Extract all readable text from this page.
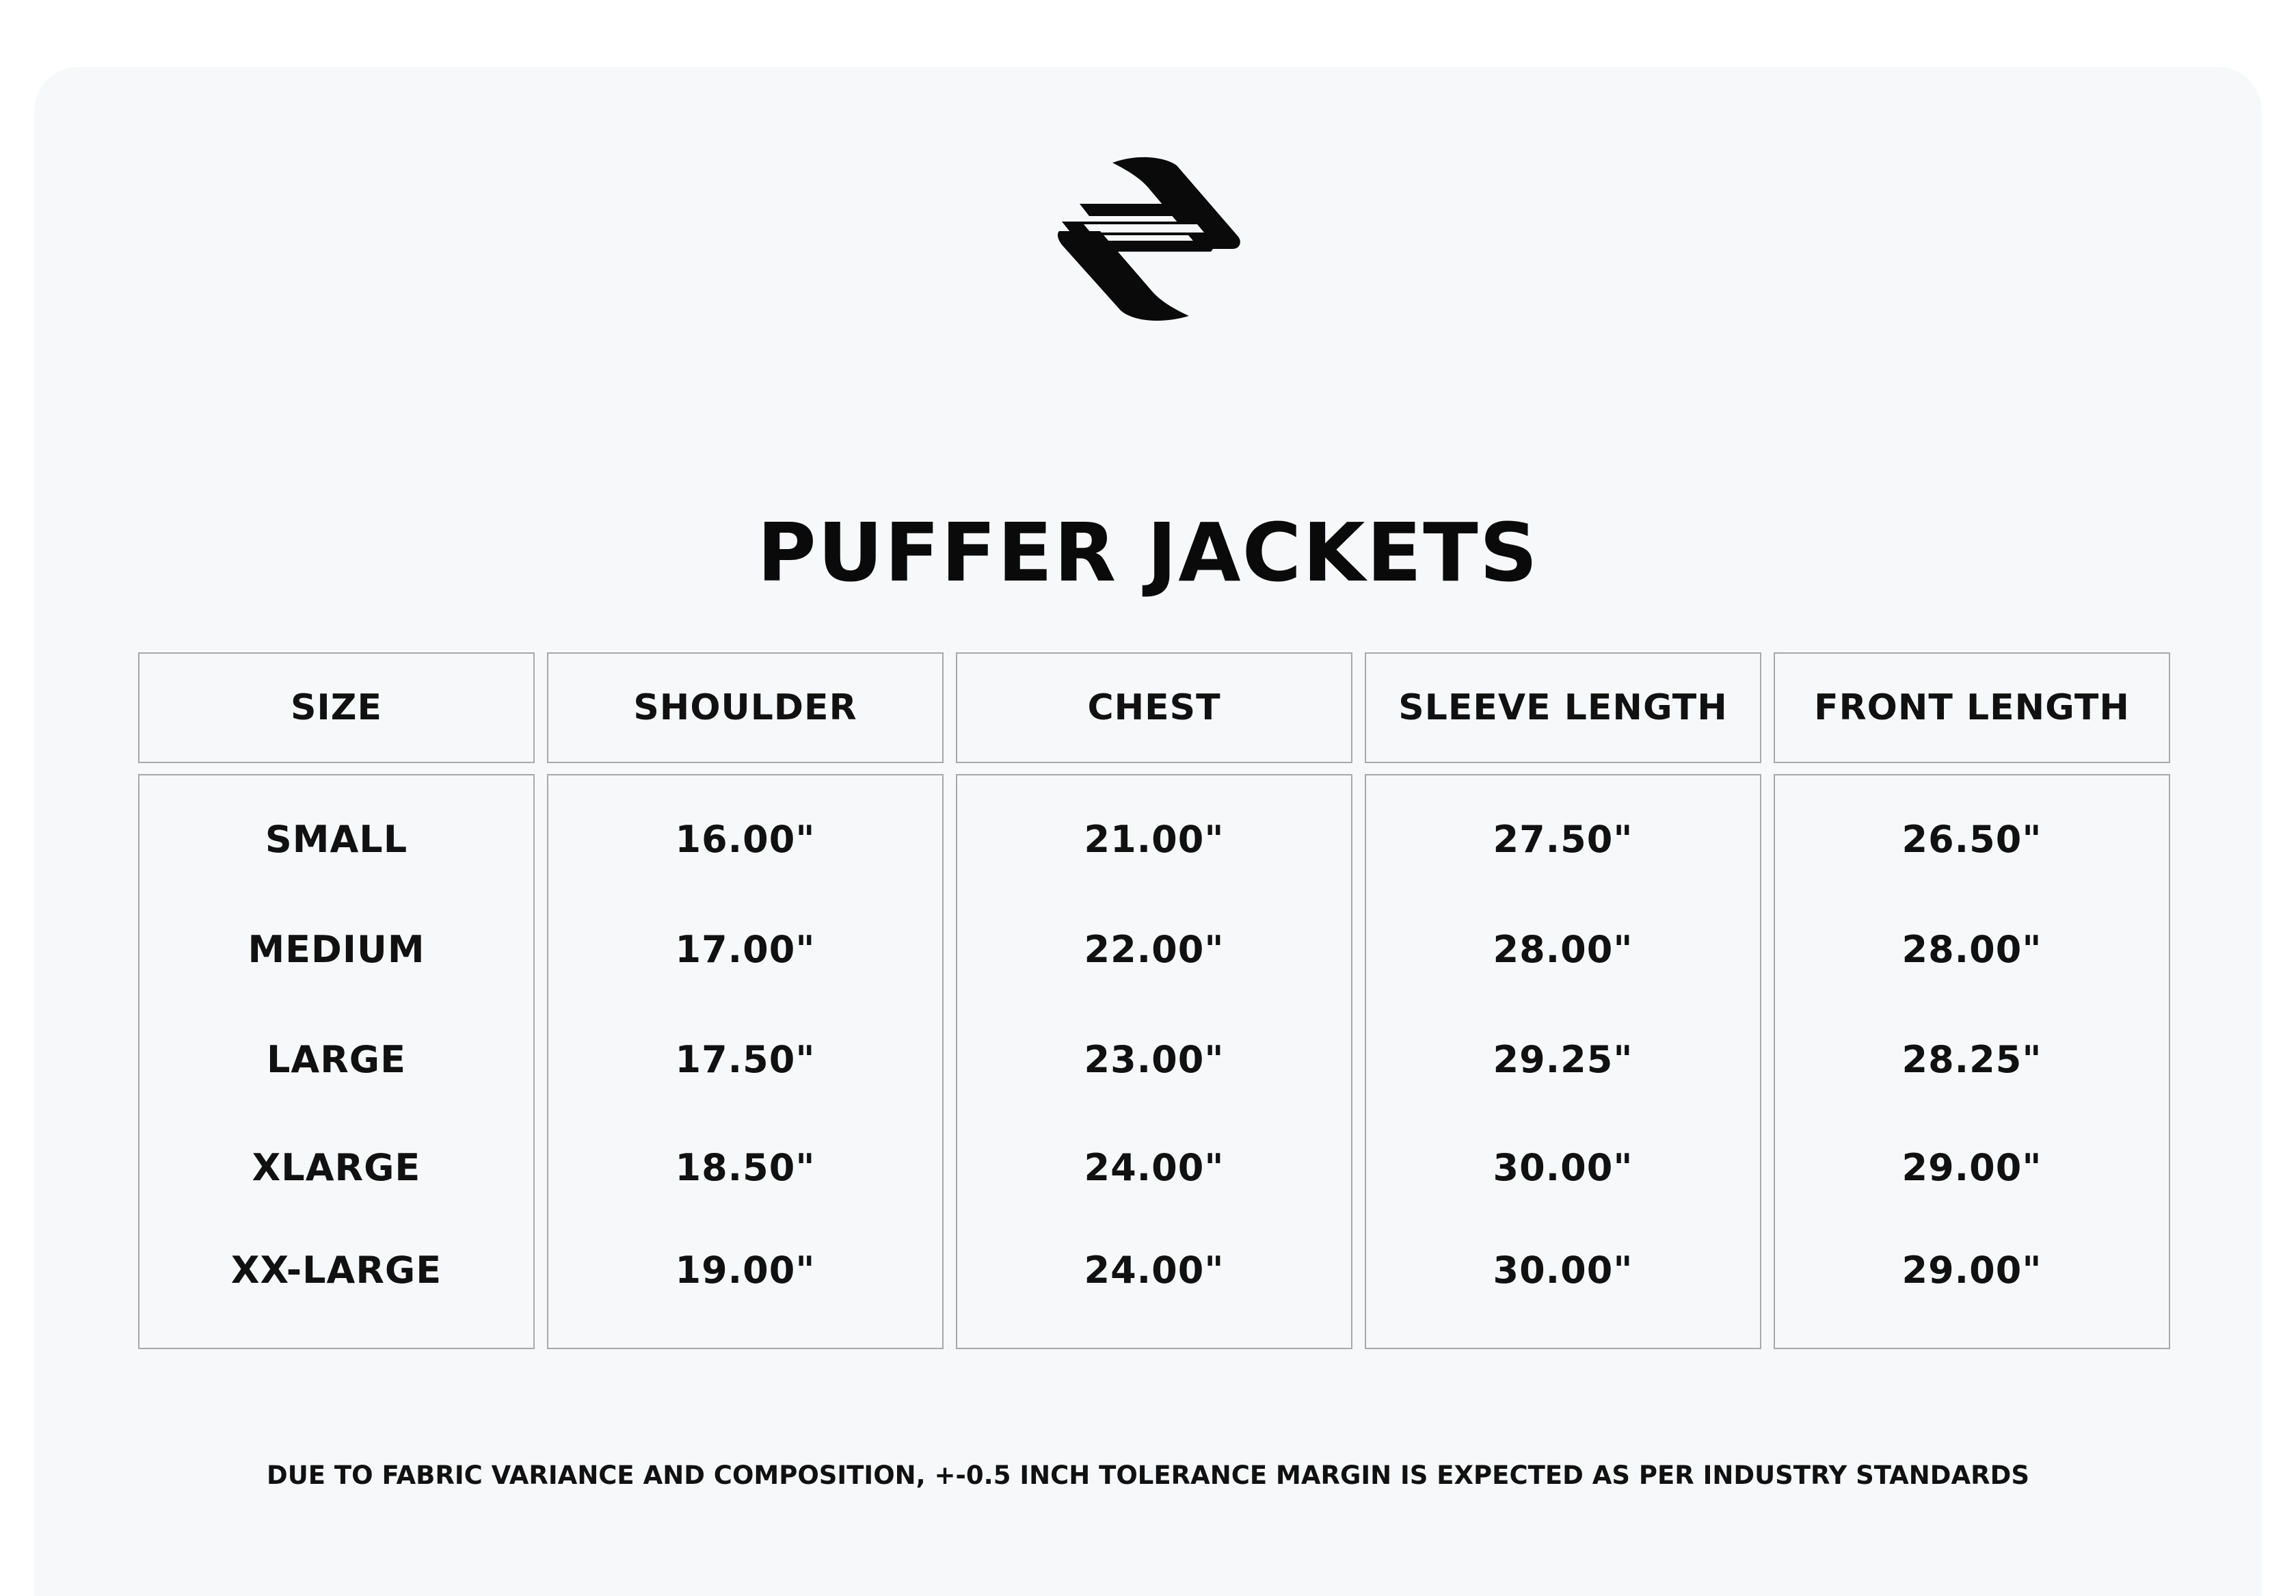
PUFFER JACKETS
SIZE
SMALL
MEDIUM
LARGE
XLARGE
XX-LARGE
SHOULDER
16.00"
17.00"
17.50"
18.50"
19.00"
CHEST
21.00"
22.00"
23.00"
24.00"
24.00"
SLEEVE LENGTH
27.50"
28.00"
29.25"
30.00"
30.00"
FRONT LENGTH
26.50"
28.00"
28.25"
29.00"
29.00"
DUE TO FABRIC VARIANCE AND COMPOSITION, +-0.5 INCH TOLERANCE MARGIN IS EXPECTED AS PER INDUSTRY STANDARDS
